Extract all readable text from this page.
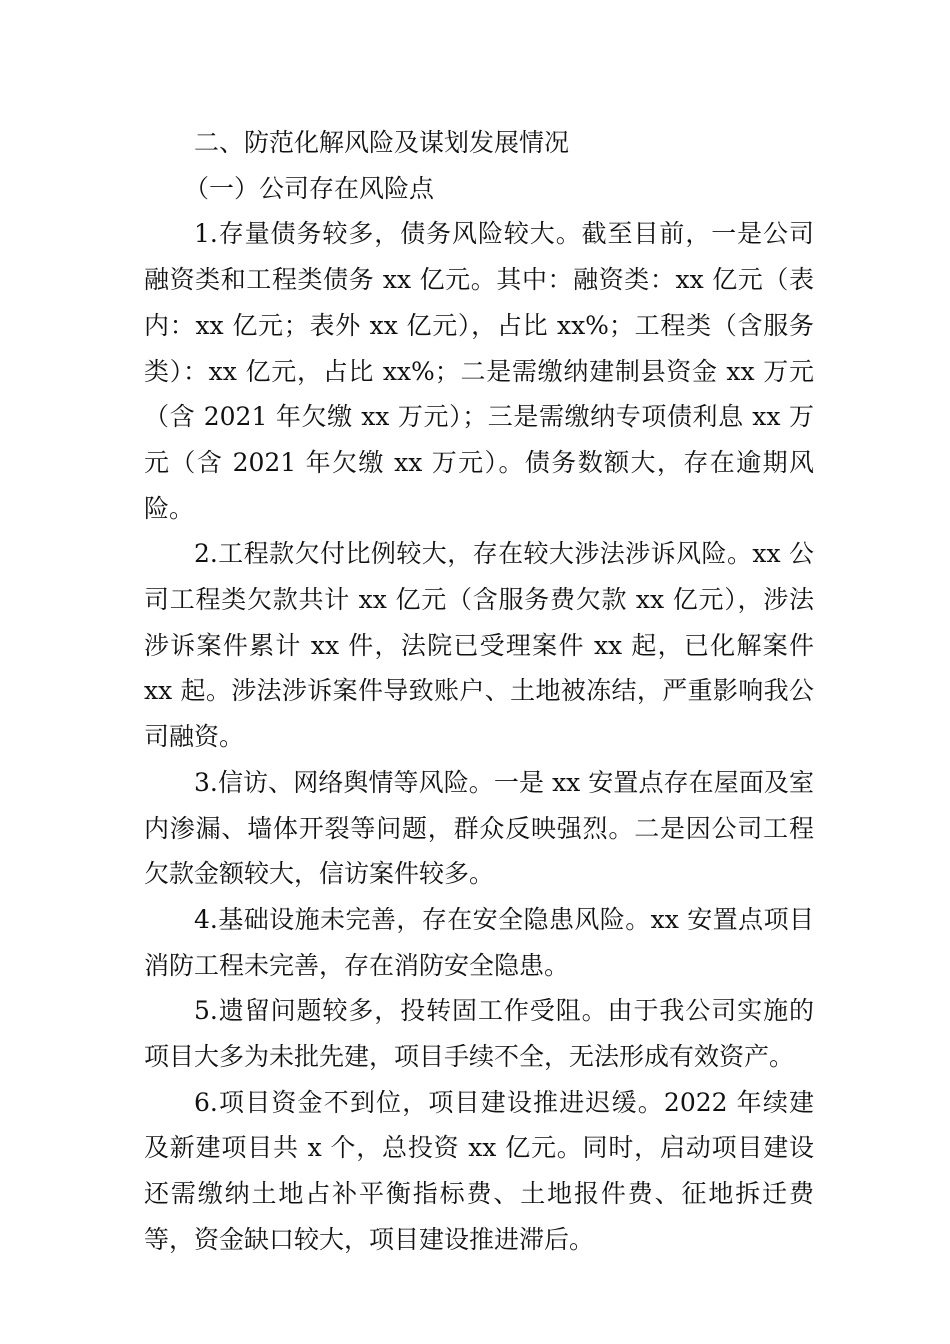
二、防范化解风险及谋划发展情况

（一）公司存在风险点

1.存量债务较多，债务风险较大。截至目前，一是公司融资类和工程类债务 xx 亿元。其中：融资类：xx 亿元（表内：xx 亿元；表外 xx 亿元），占比 xx%；工程类（含服务类）：xx 亿元，占比 xx%；二是需缴纳建制县资金 xx 万元（含 2021 年欠缴 xx 万元）；三是需缴纳专项债利息 xx 万元（含 2021 年欠缴 xx 万元）。债务数额大，存在逾期风险。

2.工程款欠付比例较大，存在较大涉法涉诉风险。xx 公司工程类欠款共计 xx 亿元（含服务费欠款 xx 亿元），涉法涉诉案件累计 xx 件，法院已受理案件 xx 起，已化解案件 xx 起。涉法涉诉案件导致账户、土地被冻结，严重影响我公司融资。

3.信访、网络舆情等风险。一是 xx 安置点存在屋面及室内渗漏、墙体开裂等问题，群众反映强烈。二是因公司工程欠款金额较大，信访案件较多。

4.基础设施未完善，存在安全隐患风险。xx 安置点项目消防工程未完善，存在消防安全隐患。

5.遗留问题较多，投转固工作受阻。由于我公司实施的项目大多为未批先建，项目手续不全，无法形成有效资产。

6.项目资金不到位，项目建设推进迟缓。2022 年续建及新建项目共 x 个，总投资 xx 亿元。同时，启动项目建设还需缴纳土地占补平衡指标费、土地报件费、征地拆迁费等，资金缺口较大，项目建设推进滞后。
